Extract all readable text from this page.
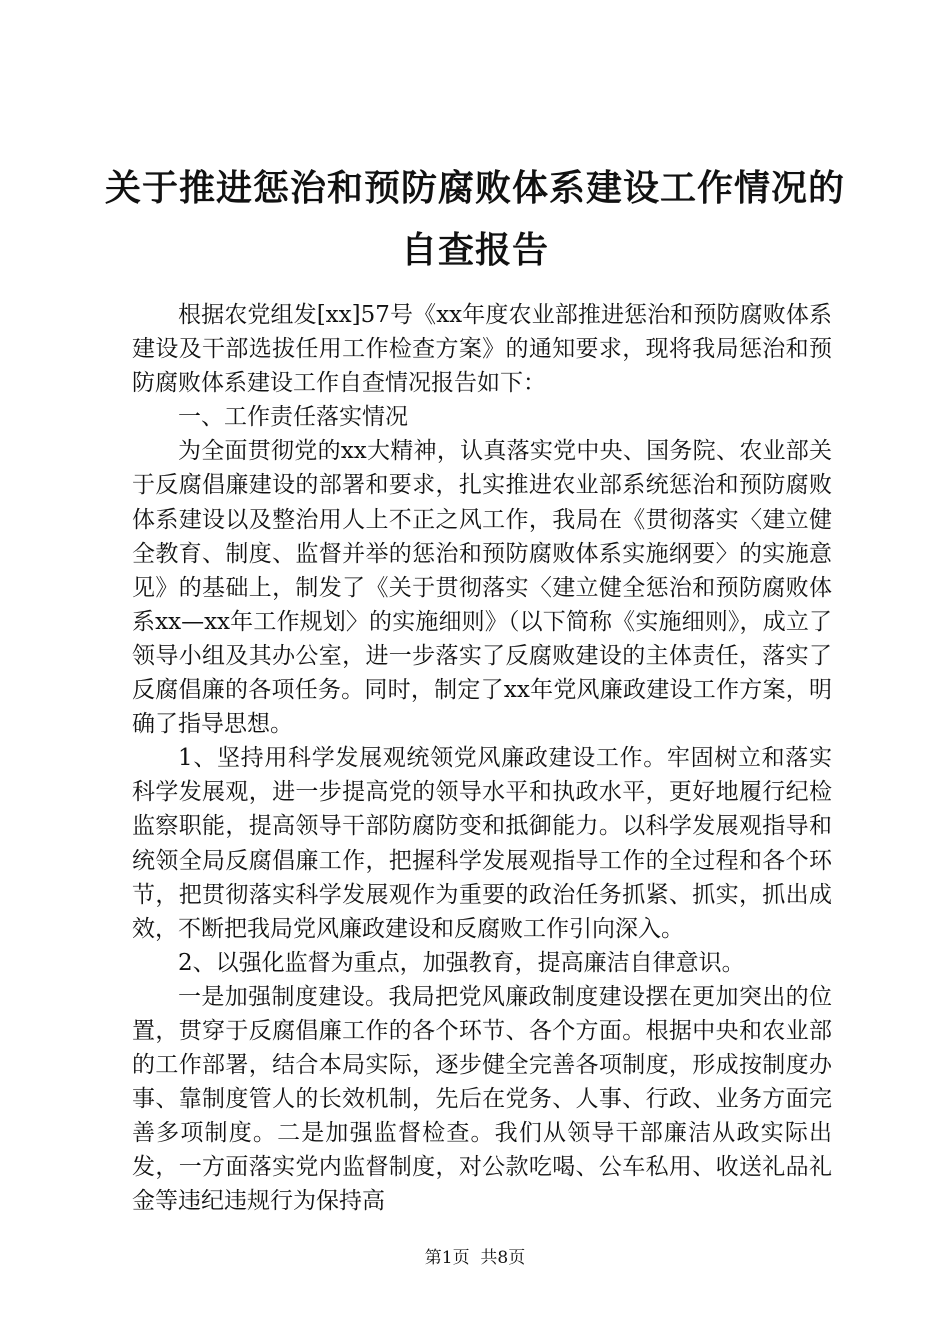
关于推进惩治和预防腐败体系建设工作情况的
自查报告

根据农党组发[xx]57号《xx年度农业部推进惩治和预防腐败体系建设及干部选拔任用工作检查方案》的通知要求，现将我局惩治和预防腐败体系建设工作自查情况报告如下：

一、工作责任落实情况

为全面贯彻党的xx大精神，认真落实党中央、国务院、农业部关于反腐倡廉建设的部署和要求，扎实推进农业部系统惩治和预防腐败体系建设以及整治用人上不正之风工作，我局在《贯彻落实〈建立健全教育、制度、监督并举的惩治和预防腐败体系实施纲要〉的实施意见》的基础上，制发了《关于贯彻落实〈建立健全惩治和预防腐败体系xx—xx年工作规划〉的实施细则》（以下简称《实施细则》，成立了领导小组及其办公室，进一步落实了反腐败建设的主体责任，落实了反腐倡廉的各项任务。同时，制定了xx年党风廉政建设工作方案，明确了指导思想。

1、坚持用科学发展观统领党风廉政建设工作。牢固树立和落实科学发展观，进一步提高党的领导水平和执政水平，更好地履行纪检监察职能，提高领导干部防腐防变和抵御能力。以科学发展观指导和统领全局反腐倡廉工作，把握科学发展观指导工作的全过程和各个环节，把贯彻落实科学发展观作为重要的政治任务抓紧、抓实，抓出成效，不断把我局党风廉政建设和反腐败工作引向深入。

2、以强化监督为重点，加强教育，提高廉洁自律意识。

一是加强制度建设。我局把党风廉政制度建设摆在更加突出的位置，贯穿于反腐倡廉工作的各个环节、各个方面。根据中央和农业部的工作部署，结合本局实际，逐步健全完善各项制度，形成按制度办事、靠制度管人的长效机制，先后在党务、人事、行政、业务方面完善多项制度。二是加强监督检查。我们从领导干部廉洁从政实际出发，一方面落实党内监督制度，对公款吃喝、公车私用、收送礼品礼金等违纪违规行为保持高

第1页  共8页
